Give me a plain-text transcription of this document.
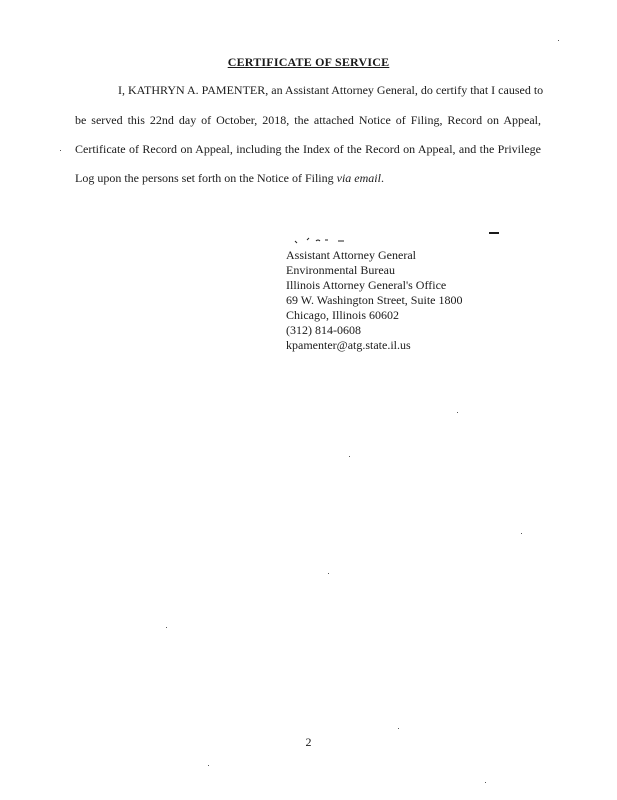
CERTIFICATE OF SERVICE
I, KATHRYN A. PAMENTER, an Assistant Attorney General, do certify that I caused to
be served this 22nd day of October, 2018, the attached Notice of Filing, Record on Appeal,
Certificate of Record on Appeal, including the Index of the Record on Appeal, and the Privilege
Log upon the persons set forth on the Notice of Filing via email.
Assistant Attorney General
Environmental Bureau
Illinois Attorney General's Office
69 W. Washington Street, Suite 1800
Chicago, Illinois 60602
(312) 814-0608
kpamenter@atg.state.il.us
2
